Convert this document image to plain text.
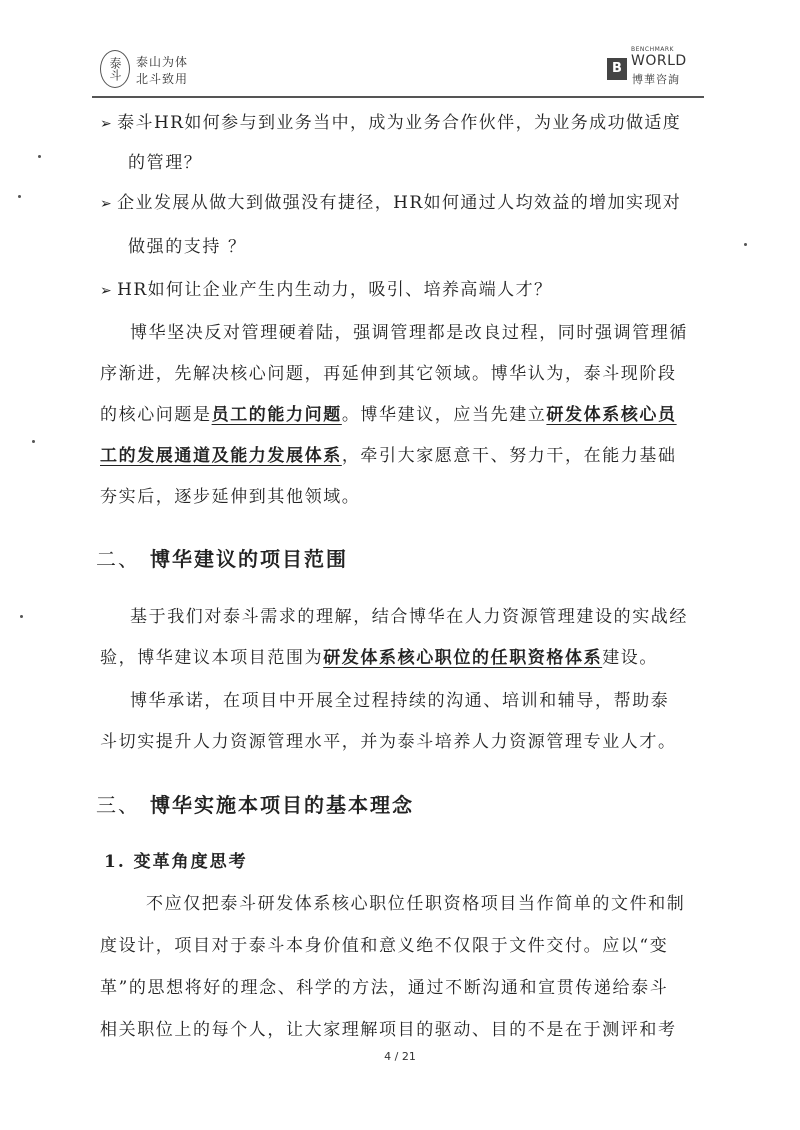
泰斗	泰山为体
北斗致用
B
BENCHMARK
WORLD
博華咨詢
➢ 泰斗HR如何参与到业务当中，成为业务合作伙伴，为业务成功做适度
的管理？
➢ 企业发展从做大到做强没有捷径，HR如何通过人均效益的增加实现对
做强的支持 ？
➢ HR如何让企业产生内生动力，吸引、培养高端人才？
博华坚决反对管理硬着陆，强调管理都是改良过程，同时强调管理循
序渐进，先解决核心问题，再延伸到其它领域。博华认为，泰斗现阶段
的核心问题是员工的能力问题。博华建议，应当先建立研发体系核心员
工的发展通道及能力发展体系，牵引大家愿意干、努力干，在能力基础
夯实后，逐步延伸到其他领域。
二、 博华建议的项目范围
基于我们对泰斗需求的理解，结合博华在人力资源管理建设的实战经
验，博华建议本项目范围为研发体系核心职位的任职资格体系建设。
博华承诺，在项目中开展全过程持续的沟通、培训和辅导，帮助泰
斗切实提升人力资源管理水平，并为泰斗培养人力资源管理专业人才。
三、 博华实施本项目的基本理念
1. 变革角度思考
不应仅把泰斗研发体系核心职位任职资格项目当作简单的文件和制
度设计，项目对于泰斗本身价值和意义绝不仅限于文件交付。应以“变
革”的思想将好的理念、科学的方法，通过不断沟通和宣贯传递给泰斗
相关职位上的每个人，让大家理解项目的驱动、目的不是在于测评和考
4 / 21
